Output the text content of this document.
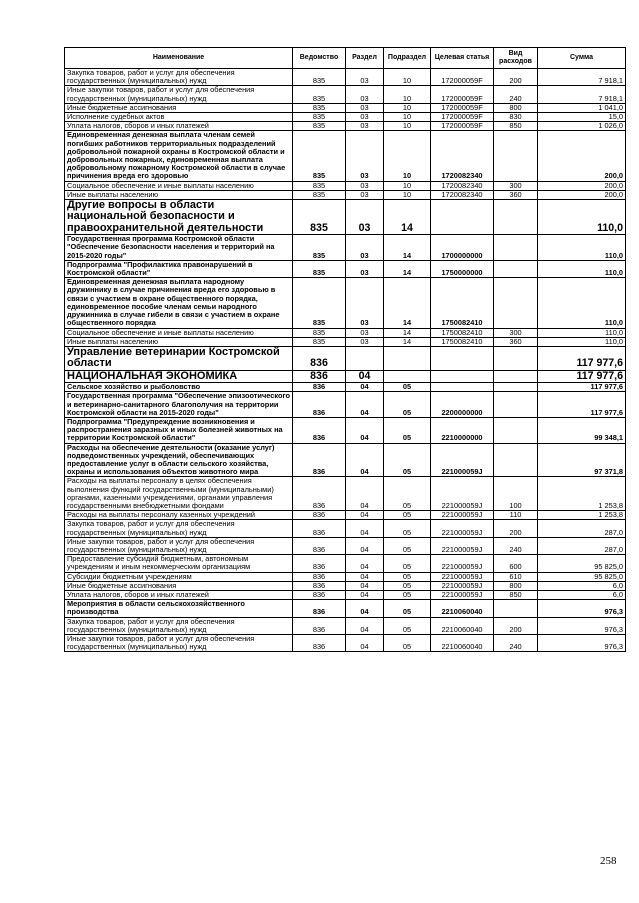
Наименование	Ведомство	Раздел	Подраздел	Целевая статья	Вид расходов	Сумма
Закупка товаров, работ и услуг для обеспечения государственных (муниципальных) нужд	835	03	10	172000059F	200	7 918,1
Иные закупки товаров, работ и услуг для обеспечения государственных (муниципальных) нужд	835	03	10	172000059F	240	7 918,1
Иные бюджетные ассигнования	835	03	10	172000059F	800	1 041,0
Исполнение судебных актов	835	03	10	172000059F	830	15,0
Уплата налогов, сборов и иных платежей	835	03	10	172000059F	850	1 026,0
Единовременная денежная выплата членам семей погибших работников территориальных подразделений добровольной пожарной охраны в Костромской области и добровольных пожарных, единовременная выплата добровольному пожарному Костромской области в случае причинения вреда его здоровью	835	03	10	1720082340		200,0
Социальное обеспечение и иные выплаты населению	835	03	10	1720082340	300	200,0
Иные выплаты населению	835	03	10	1720082340	360	200,0
Другие вопросы в области национальной безопасности и правоохранительной деятельности	835	03	14			110,0
Государственная программа Костромской области "Обеспечение безопасности населения и территорий на 2015-2020 годы"	835	03	14	1700000000		110,0
Подпрограмма "Профилактика правонарушений в Костромской области"	835	03	14	1750000000		110,0
Единовременная денежная выплата народному дружиннику в случае причинения вреда его здоровью в связи с участием в охране общественного порядка, единовременное пособие членам семьи народного дружинника в случае гибели в связи с участием в охране общественного порядка	835	03	14	1750082410		110,0
Социальное обеспечение и иные выплаты населению	835	03	14	1750082410	300	110,0
Иные выплаты населению	835	03	14	1750082410	360	110,0
Управление ветеринарии Костромской области	836					117 977,6
НАЦИОНАЛЬНАЯ ЭКОНОМИКА	836	04				117 977,6
Сельское хозяйство и рыболовство	836	04	05			117 977,6
Государственная программа "Обеспечение эпизоотического и ветеринарно-санитарного благополучия на территории Костромской области на 2015-2020 годы"	836	04	05	2200000000		117 977,6
Подпрограмма "Предупреждение возникновения и распространения заразных и иных болезней животных на территории Костромской области"	836	04	05	2210000000		99 348,1
Расходы на обеспечение деятельности (оказание услуг) подведомственных учреждений, обеспечивающих предоставление услуг в области сельского хозяйства, охраны и использования объектов животного мира	836	04	05	221000059J		97 371,8
Расходы на выплаты персоналу в целях обеспечения выполнения функций государственными (муниципальными) органами, казенными учреждениями, органами управления государственными внебюджетными фондами	836	04	05	221000059J	100	1 253,8
Расходы на выплаты персоналу казенных учреждений	836	04	05	221000059J	110	1 253,8
Закупка товаров, работ и услуг для обеспечения государственных (муниципальных) нужд	836	04	05	221000059J	200	287,0
Иные закупки товаров, работ и услуг для обеспечения государственных (муниципальных) нужд	836	04	05	221000059J	240	287,0
Предоставление субсидий бюджетным, автономным учреждениям и иным некоммерческим организациям	836	04	05	221000059J	600	95 825,0
Субсидии бюджетным учреждениям	836	04	05	221000059J	610	95 825,0
Иные бюджетные ассигнования	836	04	05	221000059J	800	6,0
Уплата налогов, сборов и иных платежей	836	04	05	221000059J	850	6,0
Мероприятия в области сельскохозяйственного производства	836	04	05	2210060040		976,3
Закупка товаров, работ и услуг для обеспечения государственных (муниципальных) нужд	836	04	05	2210060040	200	976,3
Иные закупки товаров, работ и услуг для обеспечения государственных (муниципальных) нужд	836	04	05	2210060040	240	976,3
258
